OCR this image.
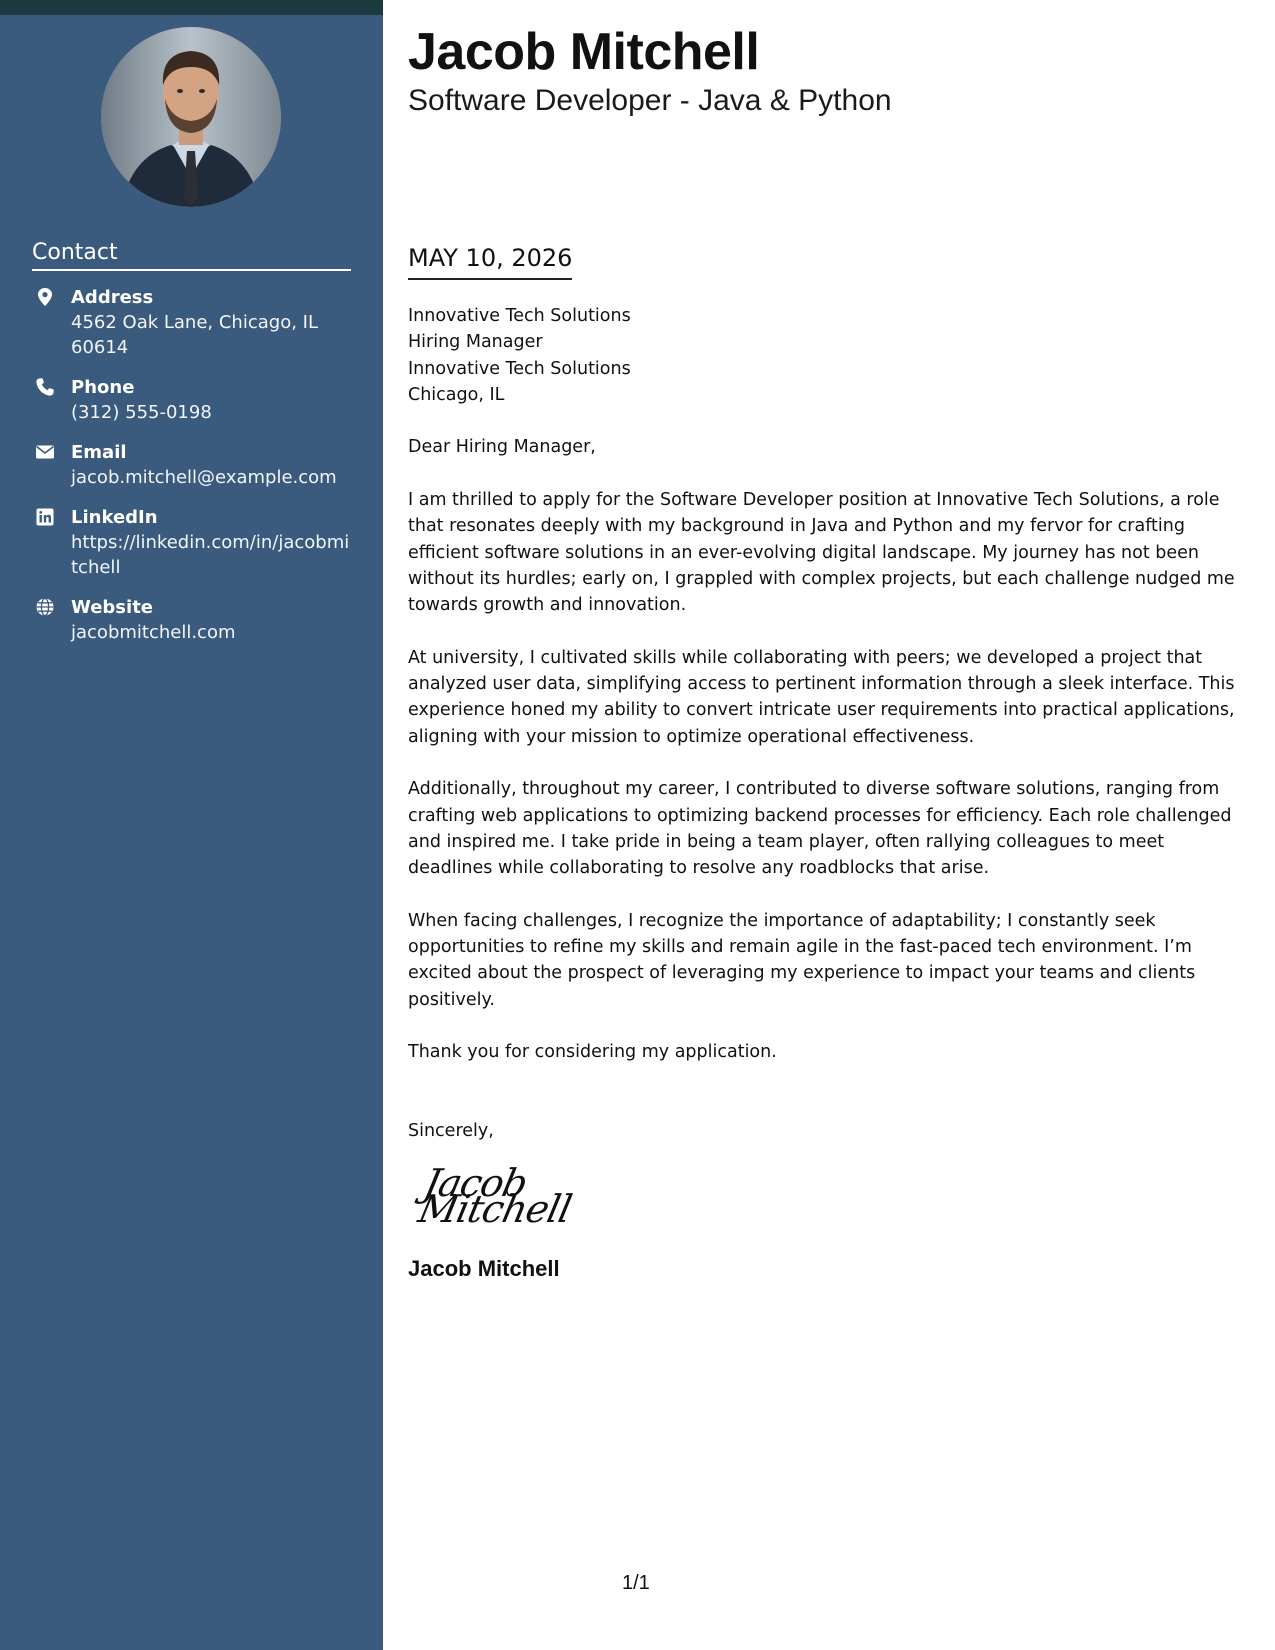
Contact
Address
4562 Oak Lane, Chicago, IL 60614
Phone
(312) 555-0198
Email
jacob.mitchell@example.com
LinkedIn
https://linkedin.com/in/jacobmitchell
Website
jacobmitchell.com
Jacob Mitchell
Software Developer - Java & Python
MAY 10, 2026

Innovative Tech Solutions
Hiring Manager
Innovative Tech Solutions
Chicago, IL

Dear Hiring Manager,

I am thrilled to apply for the Software Developer position at Innovative Tech Solutions, a role that resonates deeply with my background in Java and Python and my fervor for crafting efficient software solutions in an ever-evolving digital landscape. My journey has not been without its hurdles; early on, I grappled with complex projects, but each challenge nudged me towards growth and innovation.

At university, I cultivated skills while collaborating with peers; we developed a project that analyzed user data, simplifying access to pertinent information through a sleek interface. This experience honed my ability to convert intricate user requirements into practical applications, aligning with your mission to optimize operational effectiveness.

Additionally, throughout my career, I contributed to diverse software solutions, ranging from crafting web applications to optimizing backend processes for efficiency. Each role challenged and inspired me. I take pride in being a team player, often rallying colleagues to meet deadlines while collaborating to resolve any roadblocks that arise.

When facing challenges, I recognize the importance of adaptability; I constantly seek opportunities to refine my skills and remain agile in the fast-paced tech environment. I’m excited about the prospect of leveraging my experience to impact your teams and clients positively.

Thank you for considering my application.

Sincerely,

Jacob Mitchell
Jacob Mitchell
1/1
